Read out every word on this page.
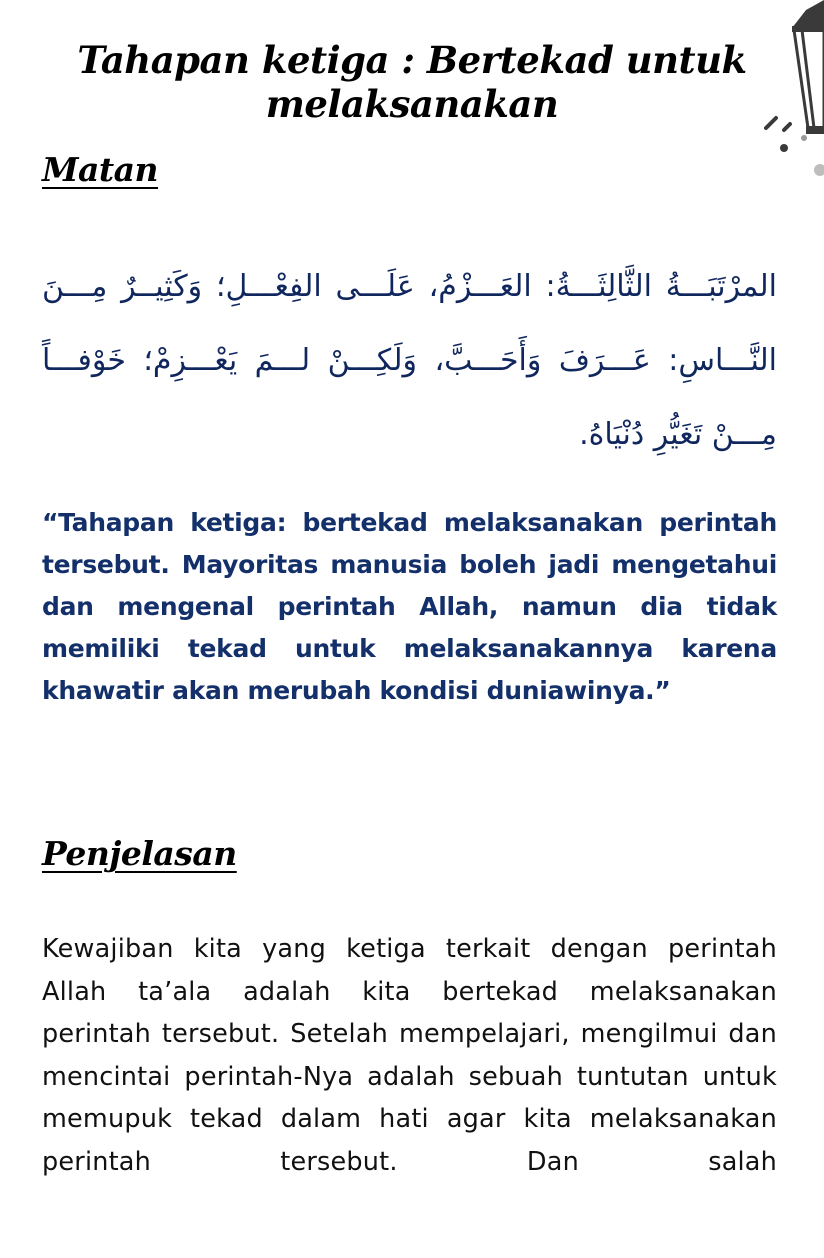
Tahapan ketiga : Bertekad untuk melaksanakan
Matan
المرْتَبَـــةُ الثَّالِثَـــةُ: العَـــزْمُ، عَلَـــى الفِعْـــلِ؛ وَكَثِيــرٌ مِـــنَ النَّـــاسِ: عَـــرَفَ وَأَحَـــبَّ، وَلَكِـــنْ لـــمَ يَعْـــزِمْ؛ خَوْفـــاً مِـــنْ تَغَيُّرِ دُنْيَاهُ.
“Tahapan ketiga: bertekad melaksanakan perintah tersebut. Mayoritas manusia boleh jadi mengetahui dan mengenal perintah Allah, namun dia tidak memiliki tekad untuk melaksanakannya karena khawatir akan merubah kondisi duniawinya.”
Penjelasan
Kewajiban kita yang ketiga terkait dengan perintah Allah ta’ala adalah kita bertekad melaksanakan perintah tersebut. Setelah mempelajari, mengilmui dan mencintai perintah-Nya adalah sebuah tuntutan untuk memupuk tekad dalam hati agar kita melaksanakan perintah tersebut. Dan salah
